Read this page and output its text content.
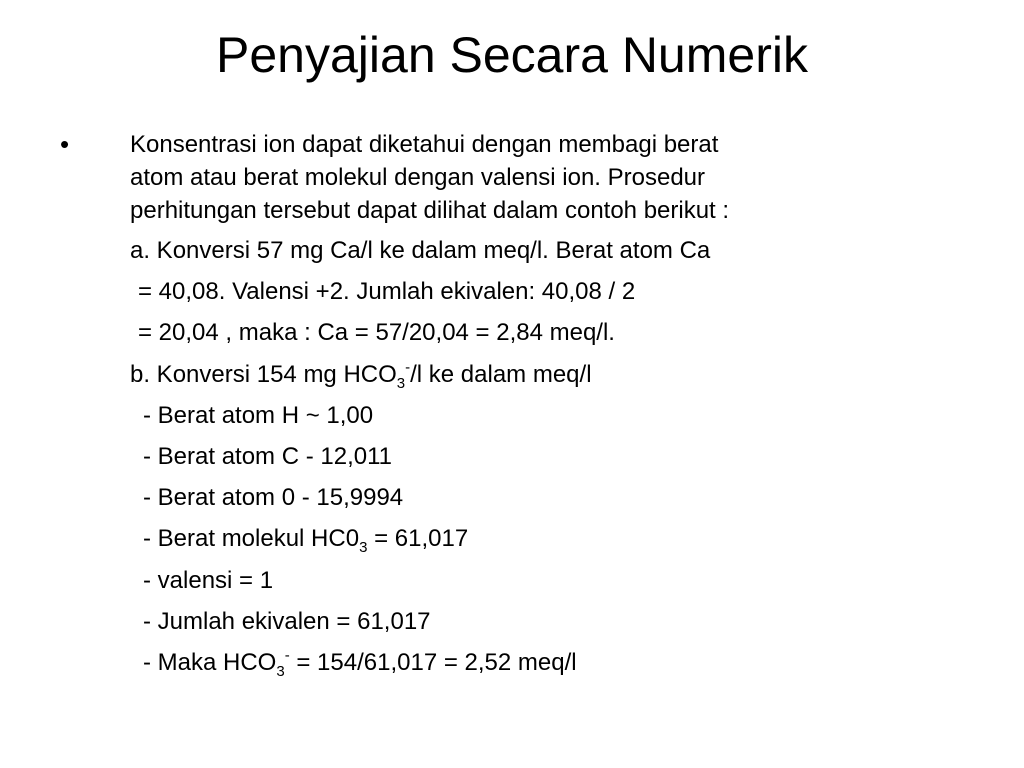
Penyajian Secara Numerik
•	Konsentrasi ion dapat diketahui dengan membagi berat
atom atau berat molekul dengan valensi ion. Prosedur
perhitungan tersebut dapat dilihat dalam contoh berikut :
a. Konversi 57 mg Ca/l ke dalam meq/l. Berat atom Ca
= 40,08. Valensi +2. Jumlah ekivalen: 40,08 / 2
= 20,04 , maka : Ca = 57/20,04 = 2,84 meq/l.
b. Konversi 154 mg $HCO_3^-/l$ ke dalam meq/l
- Berat atom H ~ 1,00
- Berat atom C - 12,011
- Berat atom 0 - 15,9994
- Berat molekul $HC0_3 = 61,017$
- valensi = 1
- Jumlah ekivalen = 61,017
- Maka $HCO_3^- = 154/61,017 = 2,52$ meq/l
